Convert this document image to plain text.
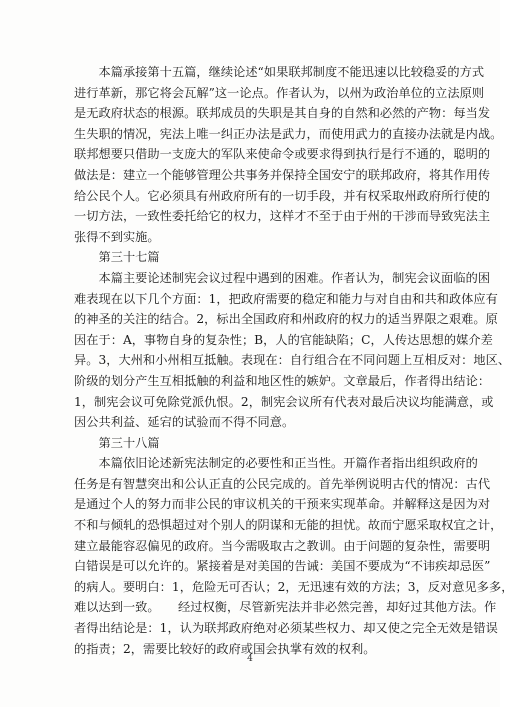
　　本篇承接第十五篇，继续论述“如果联邦制度不能迅速以比较稳妥的方式
进行革新，那它将会瓦解”这一论点。作者认为，以州为政治单位的立法原则
是无政府状态的根源。联邦成员的失职是其自身的自然和必然的产物：每当发
生失职的情况，宪法上唯一纠正办法是武力，而使用武力的直接办法就是内战。
联邦想要只借助一支庞大的军队来使命令或要求得到执行是行不通的，聪明的
做法是：建立一个能够管理公共事务并保持全国安宁的联邦政府，将其作用传
给公民个人。它必须具有州政府所有的一切手段，并有权采取州政府所行使的
一切方法，一致性委托给它的权力，这样才不至于由于州的干涉而导致宪法主
张得不到实施。
　　第三十七篇
　　本篇主要论述制宪会议过程中遇到的困难。作者认为，制宪会议面临的困
难表现在以下几个方面：1，把政府需要的稳定和能力与对自由和共和政体应有
的神圣的关注的结合。2，标出全国政府和州政府的权力的适当界限之艰难。原
因在于：A，事物自身的复杂性；B，人的官能缺陷；C，人传达思想的媒介差
异。3，大州和小州相互抵触。表现在：自行组合在不同问题上互相反对：地区、
阶级的划分产生互相抵触的利益和地区性的嫉妒。文章最后，作者得出结论：
1，制宪会议可免除党派仇恨。2，制宪会议所有代表对最后决议均能满意，或
因公共利益、延宕的试验而不得不同意。
　　第三十八篇
　　本篇依旧论述新宪法制定的必要性和正当性。开篇作者指出组织政府的
任务是有智慧突出和公认正直的公民完成的。首先举例说明古代的情况：古代
是通过个人的努力而非公民的审议机关的干预来实现革命。并解释这是因为对
不和与倾轧的恐惧超过对个别人的阴谋和无能的担忧。故而宁愿采取权宜之计，
建立最能容忍偏见的政府。当今需吸取古之教训。由于问题的复杂性，需要明
白错误是可以允许的。紧接着是对美国的告诫：美国不要成为“不讳疾却忌医”
的病人。要明白：1，危险无可否认；2，无迅速有效的方法；3，反对意见多多，
难以达到一致。　　经过权衡，尽管新宪法并非必然完善，却好过其他方法。作
者得出结论是：1，认为联邦政府绝对必须某些权力、却又使之完全无效是错误
的指责；2，需要比较好的政府或国会执掌有效的权利。
4
